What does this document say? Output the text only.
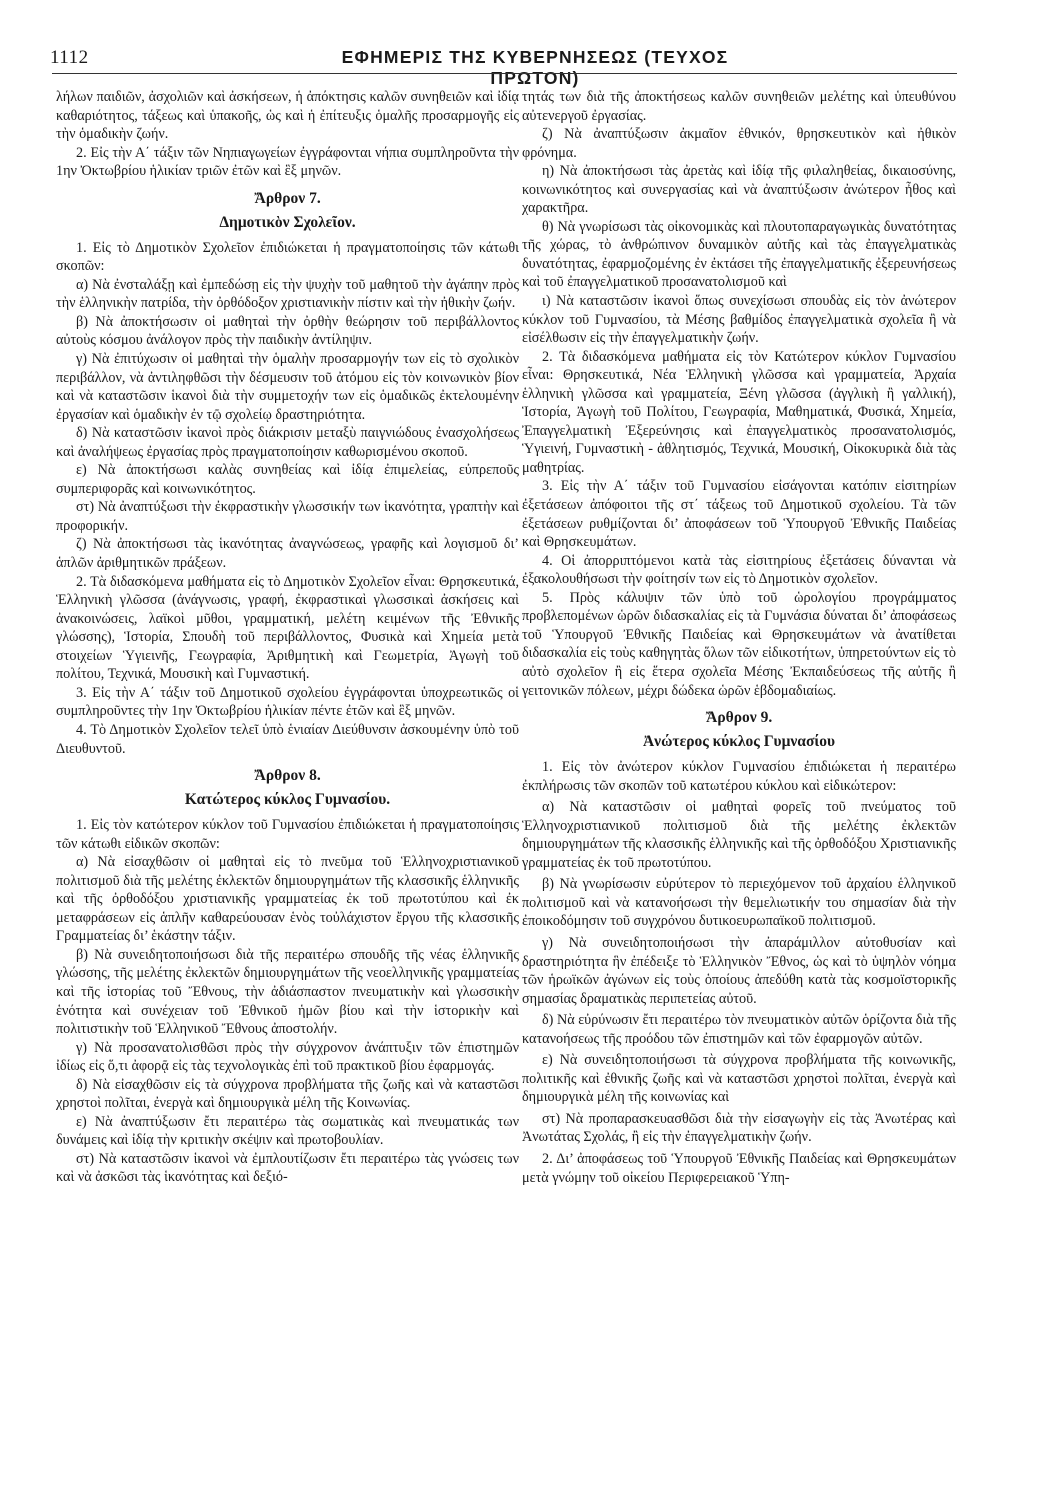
1112	ΕΦΗΜΕΡΙΣ ΤΗΣ ΚΥΒΕΡΝΗΣΕΩΣ (ΤΕΥΧΟΣ ΠΡΩΤΟΝ)

λήλων παιδιῶν, ἀσχολιῶν καὶ ἀσκήσεων, ἡ ἀπόκτησις καλῶν συνηθειῶν καὶ ἰδίᾳ καθαριότητος, τάξεως καὶ ὑπακοῆς, ὡς καὶ ἡ ἐπίτευξις ὁμαλῆς προσαρμογῆς εἰς τὴν ὁμαδικὴν ζωήν.

2. Εἰς τὴν Α΄ τάξιν τῶν Νηπιαγωγείων ἐγγράφονται νήπια συμπληροῦντα τὴν 1ην Ὀκτωβρίου ἡλικίαν τριῶν ἐτῶν καὶ ἓξ μηνῶν.

Ἄρθρον 7.
Δημοτικὸν Σχολεῖον.

1. Εἰς τὸ Δημοτικὸν Σχολεῖον ἐπιδιώκεται ἡ πραγματοποίησις τῶν κάτωθι σκοπῶν:

α) Νὰ ἐνσταλάξῃ καὶ ἐμπεδώσῃ εἰς τὴν ψυχὴν τοῦ μαθητοῦ τὴν ἀγάπην πρὸς τὴν ἑλληνικὴν πατρίδα, τὴν ὀρθόδοξον χριστιανικὴν πίστιν καὶ τὴν ἠθικὴν ζωήν.

β) Νὰ ἀποκτήσωσιν οἱ μαθηταὶ τὴν ὀρθὴν θεώρησιν τοῦ περιβάλλοντος αὐτοὺς κόσμου ἀνάλογον πρὸς τὴν παιδικὴν ἀντίληψιν.

γ) Νὰ ἐπιτύχωσιν οἱ μαθηταὶ τὴν ὁμαλὴν προσαρμογήν των εἰς τὸ σχολικὸν περιβάλλον, νὰ ἀντιληφθῶσι τὴν δέσμευσιν τοῦ ἀτόμου εἰς τὸν κοινωνικὸν βίον καὶ νὰ καταστῶσιν ἱκανοὶ διὰ τὴν συμμετοχήν των εἰς ὁμαδικῶς ἐκτελουμένην ἐργασίαν καὶ ὁμαδικὴν ἐν τῷ σχολείῳ δραστηριότητα.

δ) Νὰ καταστῶσιν ἱκανοὶ πρὸς διάκρισιν μεταξὺ παιγνιώδους ἐνασχολήσεως καὶ ἀναλήψεως ἐργασίας πρὸς πραγματοποίησιν καθωρισμένου σκοποῦ.

ε) Νὰ ἀποκτήσωσι καλὰς συνηθείας καὶ ἰδίᾳ ἐπιμελείας, εὐπρεποῦς συμπεριφορᾶς καὶ κοινωνικότητος.

στ) Νὰ ἀναπτύξωσι τὴν ἐκφραστικὴν γλωσσικήν των ἱκανότητα, γραπτὴν καὶ προφορικήν.

ζ) Νὰ ἀποκτήσωσι τὰς ἱκανότητας ἀναγνώσεως, γραφῆς καὶ λογισμοῦ δι’ ἁπλῶν ἀριθμητικῶν πράξεων.

2. Τὰ διδασκόμενα μαθήματα εἰς τὸ Δημοτικὸν Σχολεῖον εἶναι: Θρησκευτικά, Ἑλληνικὴ γλῶσσα (ἀνάγνωσις, γραφή, ἐκφραστικαὶ γλωσσικαὶ ἀσκήσεις καὶ ἀνακοινώσεις, λαϊκοὶ μῦθοι, γραμματική, μελέτη κειμένων τῆς Ἐθνικῆς γλώσσης), Ἱστορία, Σπουδὴ τοῦ περιβάλλοντος, Φυσικὰ καὶ Χημεία μετὰ στοιχείων Ὑγιεινῆς, Γεωγραφία, Ἀριθμητικὴ καὶ Γεωμετρία, Ἀγωγὴ τοῦ πολίτου, Τεχνικά, Μουσικὴ καὶ Γυμναστική.

3. Εἰς τὴν Α΄ τάξιν τοῦ Δημοτικοῦ σχολείου ἐγγράφονται ὑποχρεωτικῶς οἱ συμπληροῦντες τὴν 1ην Ὀκτωβρίου ἡλικίαν πέντε ἐτῶν καὶ ἓξ μηνῶν.

4. Τὸ Δημοτικὸν Σχολεῖον τελεῖ ὑπὸ ἑνιαίαν Διεύθυνσιν ἀσκουμένην ὑπὸ τοῦ Διευθυντοῦ.

Ἄρθρον 8.
Κατώτερος κύκλος Γυμνασίου.

1. Εἰς τὸν κατώτερον κύκλον τοῦ Γυμνασίου ἐπιδιώκεται ἡ πραγματοποίησις τῶν κάτωθι εἰδικῶν σκοπῶν:

α) Νὰ εἰσαχθῶσιν οἱ μαθηταὶ εἰς τὸ πνεῦμα τοῦ Ἑλληνοχριστιανικοῦ πολιτισμοῦ διὰ τῆς μελέτης ἐκλεκτῶν δημιουργημάτων τῆς κλασσικῆς ἑλληνικῆς καὶ τῆς ὀρθοδόξου χριστιανικῆς γραμματείας ἐκ τοῦ πρωτοτύπου καὶ ἐκ μεταφράσεων εἰς ἁπλῆν καθαρεύουσαν ἑνὸς τοὐλάχιστον ἔργου τῆς κλασσικῆς Γραμματείας δι’ ἑκάστην τάξιν.

β) Νὰ συνειδητοποιήσωσι διὰ τῆς περαιτέρω σπουδῆς τῆς νέας ἑλληνικῆς γλώσσης, τῆς μελέτης ἐκλεκτῶν δημιουργημάτων τῆς νεοελληνικῆς γραμματείας καὶ τῆς ἱστορίας τοῦ Ἔθνους, τὴν ἀδιάσπαστον πνευματικὴν καὶ γλωσσικὴν ἑνότητα καὶ συνέχειαν τοῦ Ἐθνικοῦ ἡμῶν βίου καὶ τὴν ἱστορικὴν καὶ πολιτιστικὴν τοῦ Ἑλληνικοῦ Ἔθνους ἀποστολήν.

γ) Νὰ προσανατολισθῶσι πρὸς τὴν σύγχρονον ἀνάπτυξιν τῶν ἐπιστημῶν ἰδίως εἰς ὅ,τι ἀφορᾷ εἰς τὰς τεχνολογικὰς ἐπὶ τοῦ πρακτικοῦ βίου ἐφαρμογάς.

δ) Νὰ εἰσαχθῶσιν εἰς τὰ σύγχρονα προβλήματα τῆς ζωῆς καὶ νὰ καταστῶσι χρηστοὶ πολῖται, ἐνεργὰ καὶ δημιουργικὰ μέλη τῆς Κοινωνίας.

ε) Νὰ ἀναπτύξωσιν ἔτι περαιτέρω τὰς σωματικὰς καὶ πνευματικάς των δυνάμεις καὶ ἰδίᾳ τὴν κριτικὴν σκέψιν καὶ πρωτοβουλίαν.

στ) Νὰ καταστῶσιν ἱκανοὶ νὰ ἐμπλουτίζωσιν ἔτι περαιτέρω τὰς γνώσεις των καὶ νὰ ἀσκῶσι τὰς ἱκανότητας καὶ δεξιό-

τητάς των διὰ τῆς ἀποκτήσεως καλῶν συνηθειῶν μελέτης καὶ ὑπευθύνου αὐτενεργοῦ ἐργασίας.

ζ) Νὰ ἀναπτύξωσιν ἀκμαῖον ἐθνικόν, θρησκευτικὸν καὶ ἠθικὸν φρόνημα.

η) Νὰ ἀποκτήσωσι τὰς ἀρετὰς καὶ ἰδίᾳ τῆς φιλαληθείας, δικαιοσύνης, κοινωνικότητος καὶ συνεργασίας καὶ νὰ ἀναπτύξωσιν ἀνώτερον ἦθος καὶ χαρακτῆρα.

θ) Νὰ γνωρίσωσι τὰς οἰκονομικὰς καὶ πλουτοπαραγωγικὰς δυνατότητας τῆς χώρας, τὸ ἀνθρώπινον δυναμικὸν αὐτῆς καὶ τὰς ἐπαγγελματικὰς δυνατότητας, ἐφαρμοζομένης ἐν ἐκτάσει τῆς ἐπαγγελματικῆς ἐξερευνήσεως καὶ τοῦ ἐπαγγελματικοῦ προσανατολισμοῦ καὶ

ι) Νὰ καταστῶσιν ἱκανοὶ ὅπως συνεχίσωσι σπουδὰς εἰς τὸν ἀνώτερον κύκλον τοῦ Γυμνασίου, τὰ Μέσης βαθμίδος ἐπαγγελματικὰ σχολεῖα ἢ νὰ εἰσέλθωσιν εἰς τὴν ἐπαγγελματικὴν ζωήν.

2. Τὰ διδασκόμενα μαθήματα εἰς τὸν Κατώτερον κύκλον Γυμνασίου εἶναι: Θρησκευτικά, Νέα Ἑλληνικὴ γλῶσσα καὶ γραμματεία, Ἀρχαία ἑλληνικὴ γλῶσσα καὶ γραμματεία, Ξένη γλῶσσα (ἀγγλικὴ ἢ γαλλική), Ἱστορία, Ἀγωγὴ τοῦ Πολίτου, Γεωγραφία, Μαθηματικά, Φυσικά, Χημεία, Ἐπαγγελματικὴ Ἐξερεύνησις καὶ ἐπαγγελματικὸς προσανατολισμός, Ὑγιεινή, Γυμναστικὴ - ἀθλητισμός, Τεχνικά, Μουσική, Οἰκοκυρικὰ διὰ τὰς μαθητρίας.

3. Εἰς τὴν Α΄ τάξιν τοῦ Γυμνασίου εἰσάγονται κατόπιν εἰσιτηρίων ἐξετάσεων ἀπόφοιτοι τῆς στ΄ τάξεως τοῦ Δημοτικοῦ σχολείου. Τὰ τῶν ἐξετάσεων ρυθμίζονται δι’ ἀποφάσεων τοῦ Ὑπουργοῦ Ἐθνικῆς Παιδείας καὶ Θρησκευμάτων.

4. Οἱ ἀπορριπτόμενοι κατὰ τὰς εἰσιτηρίους ἐξετάσεις δύνανται νὰ ἐξακολουθήσωσι τὴν φοίτησίν των εἰς τὸ Δημοτικὸν σχολεῖον.

5. Πρὸς κάλυψιν τῶν ὑπὸ τοῦ ὡρολογίου προγράμματος προβλεπομένων ὡρῶν διδασκαλίας εἰς τὰ Γυμνάσια δύναται δι’ ἀποφάσεως τοῦ Ὑπουργοῦ Ἐθνικῆς Παιδείας καὶ Θρησκευμάτων νὰ ἀνατίθεται διδασκαλία εἰς τοὺς καθηγητὰς ὅλων τῶν εἰδικοτήτων, ὑπηρετούντων εἰς τὸ αὐτὸ σχολεῖον ἢ εἰς ἕτερα σχολεῖα Μέσης Ἐκπαιδεύσεως τῆς αὐτῆς ἢ γειτονικῶν πόλεων, μέχρι δώδεκα ὡρῶν ἑβδομαδιαίως.

Ἄρθρον 9.
Ἀνώτερος κύκλος Γυμνασίου

1. Εἰς τὸν ἀνώτερον κύκλον Γυμνασίου ἐπιδιώκεται ἡ περαιτέρω ἐκπλήρωσις τῶν σκοπῶν τοῦ κατωτέρου κύκλου καὶ εἰδικώτερον:

α) Νὰ καταστῶσιν οἱ μαθηταὶ φορεῖς τοῦ πνεύματος τοῦ Ἑλληνοχριστιανικοῦ πολιτισμοῦ διὰ τῆς μελέτης ἐκλεκτῶν δημιουργημάτων τῆς κλασσικῆς ἑλληνικῆς καὶ τῆς ὀρθοδόξου Χριστιανικῆς γραμματείας ἐκ τοῦ πρωτοτύπου.

β) Νὰ γνωρίσωσιν εὐρύτερον τὸ περιεχόμενον τοῦ ἀρχαίου ἑλληνικοῦ πολιτισμοῦ καὶ νὰ κατανοήσωσι τὴν θεμελιωτικήν του σημασίαν διὰ τὴν ἐποικοδόμησιν τοῦ συγχρόνου δυτικοευρωπαϊκοῦ πολιτισμοῦ.

γ) Νὰ συνειδητοποιήσωσι τὴν ἀπαράμιλλον αὐτοθυσίαν καὶ δραστηριότητα ἣν ἐπέδειξε τὸ Ἑλληνικὸν Ἔθνος, ὡς καὶ τὸ ὑψηλὸν νόημα τῶν ἡρωϊκῶν ἀγώνων εἰς τοὺς ὁποίους ἀπεδύθη κατὰ τὰς κοσμοϊστορικῆς σημασίας δραματικὰς περιπετείας αὐτοῦ.

δ) Νὰ εὐρύνωσιν ἔτι περαιτέρω τὸν πνευματικὸν αὐτῶν ὁρίζοντα διὰ τῆς κατανοήσεως τῆς προόδου τῶν ἐπιστημῶν καὶ τῶν ἐφαρμογῶν αὐτῶν.

ε) Νὰ συνειδητοποιήσωσι τὰ σύγχρονα προβλήματα τῆς κοινωνικῆς, πολιτικῆς καὶ ἐθνικῆς ζωῆς καὶ νὰ καταστῶσι χρηστοὶ πολῖται, ἐνεργὰ καὶ δημιουργικὰ μέλη τῆς κοινωνίας καὶ

στ) Νὰ προπαρασκευασθῶσι διὰ τὴν εἰσαγωγὴν εἰς τὰς Ἀνωτέρας καὶ Ἀνωτάτας Σχολάς, ἢ εἰς τὴν ἐπαγγελματικὴν ζωήν.

2. Δι’ ἀποφάσεως τοῦ Ὑπουργοῦ Ἐθνικῆς Παιδείας καὶ Θρησκευμάτων μετὰ γνώμην τοῦ οἰκείου Περιφερειακοῦ Ὑπη-
